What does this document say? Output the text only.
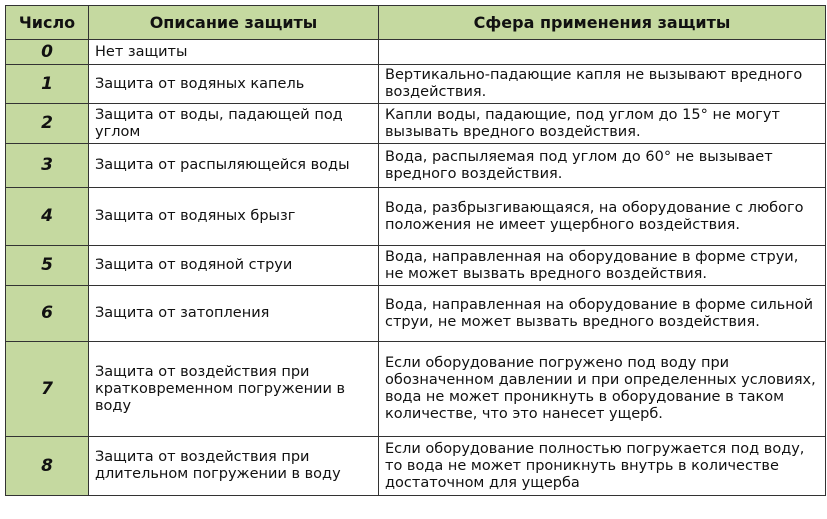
Число	Описание защиты	Сфера применения защиты
0	Нет защиты	
1	Защита от водяных капель	Вертикально-падающие капля не вызывают вредного воздействия.
2	Защита от воды, падающей под углом	Капли воды, падающие, под углом до 15° не могут вызывать вредного воздействия.
3	Защита от распыляющейся воды	Вода, распыляемая под углом до 60° не вызывает вредного воздействия.
4	Защита от водяных брызг	Вода, разбрызгивающаяся, на оборудование с любого положения не имеет ущербного воздействия.
5	Защита от водяной струи	Вода, направленная на оборудование в форме струи, не может вызвать вредного воздействия.
6	Защита от затопления	Вода, направленная на оборудование в форме сильной струи, не может вызвать вредного воздействия.
7	Защита от воздействия при кратковременном погружении в воду	Если оборудование погружено под воду при обозначенном давлении и при определенных условиях, вода не может проникнуть в оборудование в таком количестве, что это нанесет ущерб.
8	Защита от воздействия при длительном погружении в воду	Если оборудование полностью погружается под воду, то вода не может проникнуть внутрь в количестве достаточном для ущерба
